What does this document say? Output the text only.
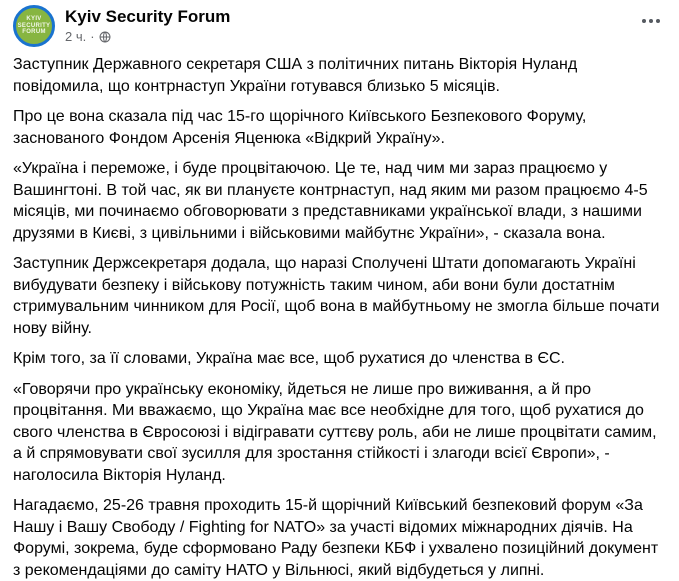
KYIV
SECURITY
FORUM
Kyiv Security Forum
2 ч. ·

Заступник Державного секретаря США з політичних питань Вікторія Нуланд повідомила, що контрнаступ України готувався близько 5 місяців.

Про це вона сказала під час 15-го щорічного Київського Безпекового Форуму, заснованого Фондом Арсенія Яценюка «Відкрий Україну».

«Україна і переможе, і буде процвітаючою. Це те, над чим ми зараз працюємо у Вашингтоні. В той час, як ви плануєте контрнаступ, над яким ми разом працюємо 4-5 місяців, ми починаємо обговорювати з представниками української влади, з нашими друзями в Києві, з цивільними і військовими майбутнє України», - сказала вона.

Заступник Держсекретаря додала, що наразі Сполучені Штати допомагають Україні вибудувати безпеку і військову потужність таким чином, аби вони були достатнім стримувальним чинником для Росії, щоб вона в майбутньому не змогла більше почати нову війну.

Крім того, за її словами, Україна має все, щоб рухатися до членства в ЄС.

«Говорячи про українську економіку, йдеться не лише про виживання, а й про процвітання. Ми вважаємо, що Україна має все необхідне для того, щоб рухатися до свого членства в Євросоюзі і відігравати суттєву роль, аби не лише процвітати самим, а й спрямовувати свої зусилля для зростання стійкості і злагоди всієї Європи», - наголосила Вікторія Нуланд.

Нагадаємо, 25-26 травня проходить 15-й щорічний Київський безпековий форум «За Нашу і Вашу Свободу / Fighting for NATO» за участі відомих міжнародних діячів. На Форумі, зокрема, буде сформовано Раду безпеки КБФ і ухвалено позиційний документ з рекомендаціями до саміту НАТО у Вільнюсі, який відбудеться у липні.
